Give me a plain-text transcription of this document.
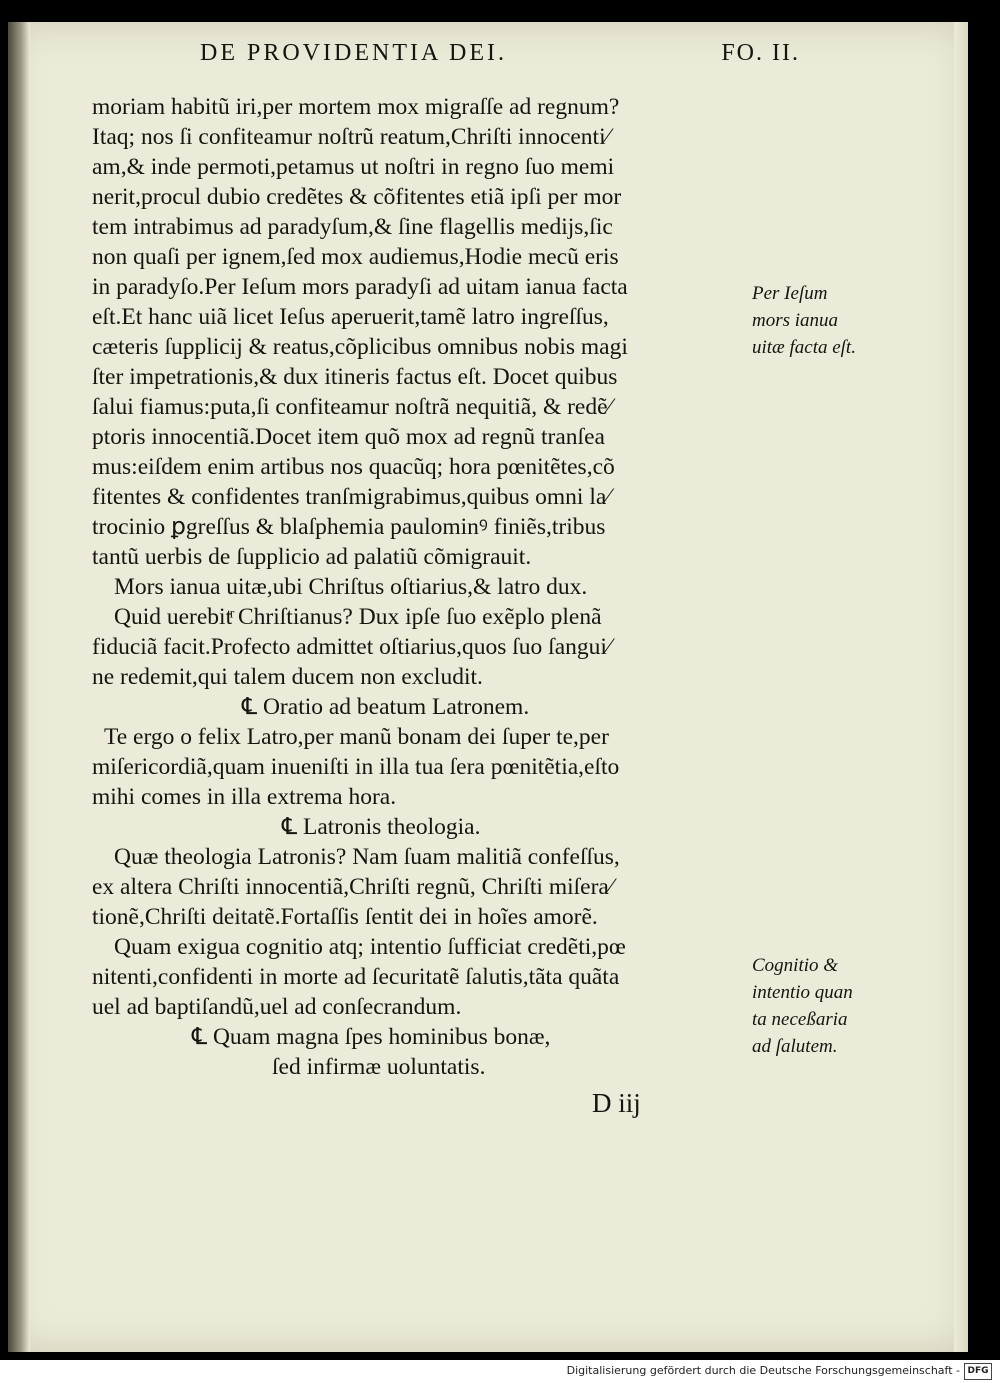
DE PROVIDENTIA DEI.	FO. II.
moriam habitũ iri,per mortem mox migraſſe ad regnum?
Itaq; nos ſi confiteamur noſtrũ reatum,Chriſti innocenti⁄
am,& inde permoti,petamus ut noſtri in regno ſuo memi
nerit,procul dubio credẽtes & cõfitentes etiã ipſi per mor
tem intrabimus ad paradyſum,& ſine flagellis medijs,ſic
non quaſi per ignem,ſed mox audiemus,Hodie mecũ eris
in paradyſo.Per Ieſum mors paradyſi ad uitam ianua facta
eſt.Et hanc uiã licet Ieſus aperuerit,tamẽ latro ingreſſus,
cæteris ſupplicij & reatus,cõplicibus omnibus nobis magi
ſter impetrationis,& dux itineris factus eſt. Docet quibus
ſalui fiamus:puta,ſi confiteamur noſtrã nequitiã, & redẽ⁄
ptoris innocentiã.Docet item quõ mox ad regnũ tranſea
mus:eiſdem enim artibus nos quacũq; hora pœnitẽtes,cõ
fitentes & confidentes tranſmigrabimus,quibus omni la⁄
trocinio ꝑgreſſus & blaſphemia paulominꝰ finiẽs,tribus
tantũ uerbis de ſupplicio ad palatiũ cõmigrauit.
Mors ianua uitæ,ubi Chriſtus oſtiarius,& latro dux.
Quid uerebitͬ Chriſtianus? Dux ipſe ſuo exẽplo plenã
fiduciã facit.Profecto admittet oſtiarius,quos ſuo ſangui⁄
ne redemit,qui talem ducem non excludit.
℄ Oratio ad beatum Latronem.
Te ergo o felix Latro,per manũ bonam dei ſuper te,per
miſericordiã,quam inueniſti in illa tua ſera pœnitẽtia,eſto
mihi comes in illa extrema hora.
℄ Latronis theologia.
Quæ theologia Latronis? Nam ſuam malitiã confeſſus,
ex altera Chriſti innocentiã,Chriſti regnũ, Chriſti miſera⁄
tionẽ,Chriſti deitatẽ.Fortaſſis ſentit dei in hoĩes amorẽ.
Quam exigua cognitio atq; intentio ſufficiat credẽti,pœ
nitenti,confidenti in morte ad ſecuritatẽ ſalutis,tãta quãta
uel ad baptiſandũ,uel ad conſecrandum.
℄ Quam magna ſpes hominibus bonæ,
ſed infirmæ uoluntatis.
Per Ieſum
mors ianua
uitæ facta eſt.
Cognitio &
intentio quan
ta neceßaria
ad ſalutem.
D iij
Digitalisierung gefördert durch die Deutsche Forschungsgemeinschaft - DFG
